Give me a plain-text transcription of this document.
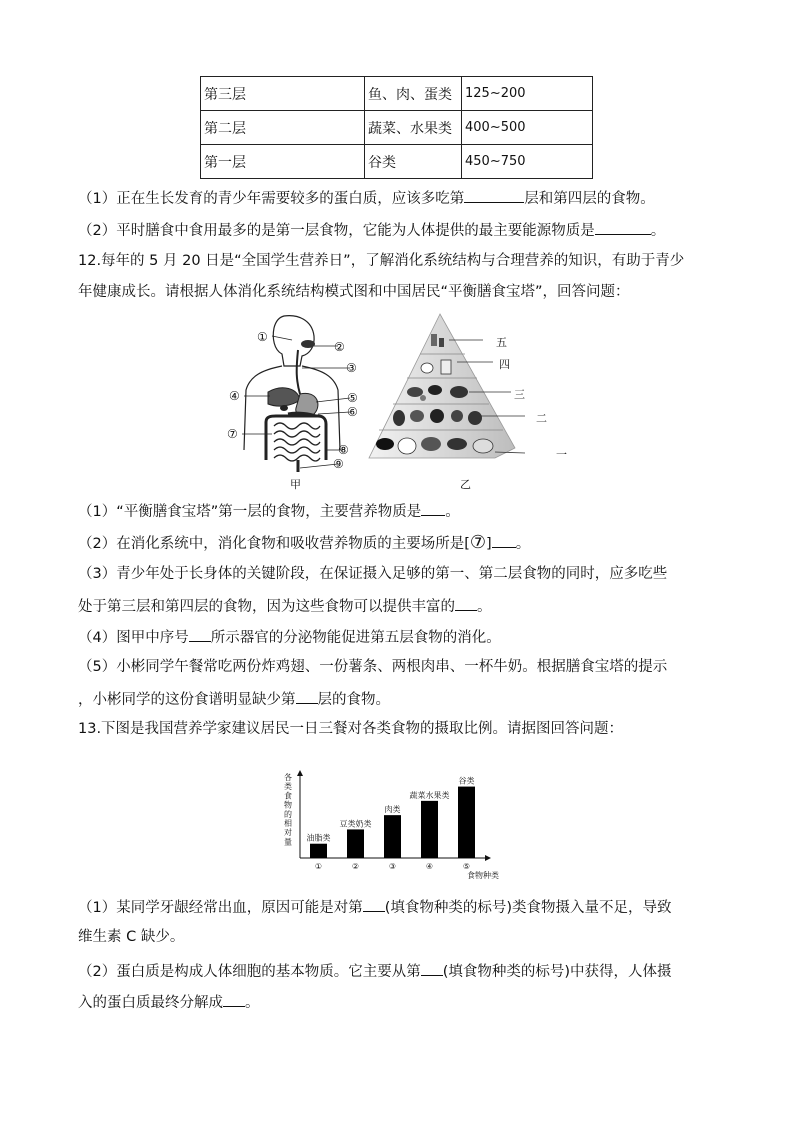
第三层	鱼、肉、蛋类	125~200
第二层	蔬菜、水果类	400~500
第一层	谷类	450~750
（1）正在生长发育的青少年需要较多的蛋白质，应该多吃第	层和第四层的食物。
（2）平时膳食中食用最多的是第一层食物，它能为人体提供的最主要能源物质是	。
12.每年的 5 月 20 日是“全国学生营养日”，了解消化系统结构与合理营养的知识，有助于青少
年健康成长。请根据人体消化系统结构模式图和中国居民“平衡膳食宝塔”，回答问题：
①
④
⑦
②
③
⑤
⑥
⑧
⑨
甲
五
四
三
二
一
乙
（1）“平衡膳食宝塔”第一层的食物，主要营养物质是 。
（2）在消化系统中，消化食物和吸收营养物质的主要场所是[⑦] 。
（3）青少年处于长身体的关键阶段，在保证摄入足够的第一、第二层食物的同时，应多吃些
处于第三层和第四层的食物，因为这些食物可以提供丰富的 。
（4）图甲中序号 所示器官的分泌物能促进第五层食物的消化。
（5）小彬同学午餐常吃两份炸鸡翅、一份薯条、两根肉串、一杯牛奶。根据膳食宝塔的提示
，小彬同学的这份食谱明显缺少第 层的食物。
13.下图是我国营养学家建议居民一日三餐对各类食物的摄取比例。请据图回答问题：
油脂类
①
豆类奶类
②
肉类
③
蔬菜水果类
④
谷类
⑤
食物种类
各类食物的相对量
（1）某同学牙龈经常出血，原因可能是对第 (填食物种类的标号)类食物摄入量不足，导致
维生素 C 缺少。
（2）蛋白质是构成人体细胞的基本物质。它主要从第 (填食物种类的标号)中获得，人体摄
入的蛋白质最终分解成 。
